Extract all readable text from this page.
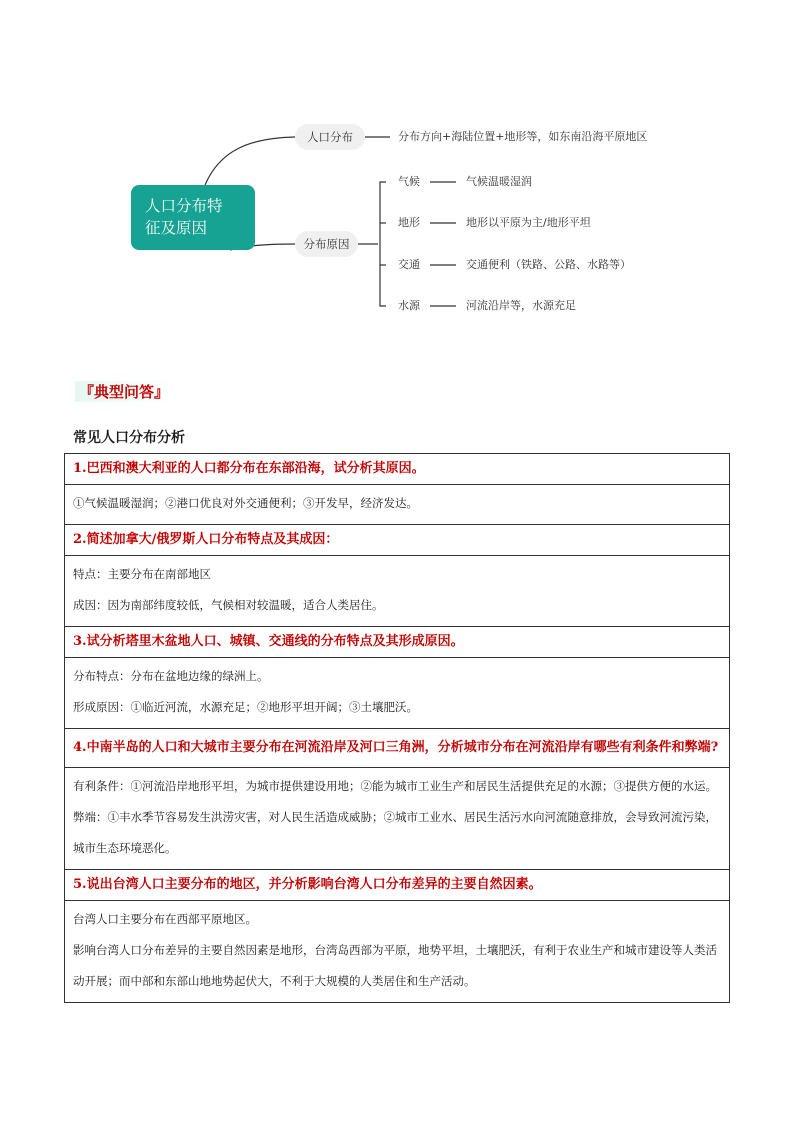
人口分布特
征及原因
人口分布	分布方向+海陆位置+地形等，如东南沿海平原地区
分布原因
气候	气候温暖湿润
地形	地形以平原为主/地形平坦
交通	交通便利（铁路、公路、水路等）
水源	河流沿岸等，水源充足
『典型问答』
常见人口分布分析
1.巴西和澳大利亚的人口都分布在东部沿海，试分析其原因。

①气候温暖湿润；②港口优良对外交通便利；③开发早，经济发达。

2.简述加拿大/俄罗斯人口分布特点及其成因：

特点：主要分布在南部地区

成因：因为南部纬度较低，气候相对较温暖，适合人类居住。

3.试分析塔里木盆地人口、城镇、交通线的分布特点及其形成原因。

分布特点：分布在盆地边缘的绿洲上。

形成原因：①临近河流，水源充足；②地形平坦开阔；③土壤肥沃。

4.中南半岛的人口和大城市主要分布在河流沿岸及河口三角洲，分析城市分布在河流沿岸有哪些有利条件和弊端?

有利条件：①河流沿岸地形平坦，为城市提供建设用地；②能为城市工业生产和居民生活提供充足的水源；③提供方便的水运。

弊端：①丰水季节容易发生洪涝灾害，对人民生活造成威胁；②城市工业水、居民生活污水向河流随意排放，会导致河流污染，城市生态环境恶化。

5.说出台湾人口主要分布的地区，并分析影响台湾人口分布差异的主要自然因素。

台湾人口主要分布在西部平原地区。

影响台湾人口分布差异的主要自然因素是地形，台湾岛西部为平原，地势平坦，土壤肥沃，有利于农业生产和城市建设等人类活动开展；而中部和东部山地地势起伏大，不利于大规模的人类居住和生产活动。
